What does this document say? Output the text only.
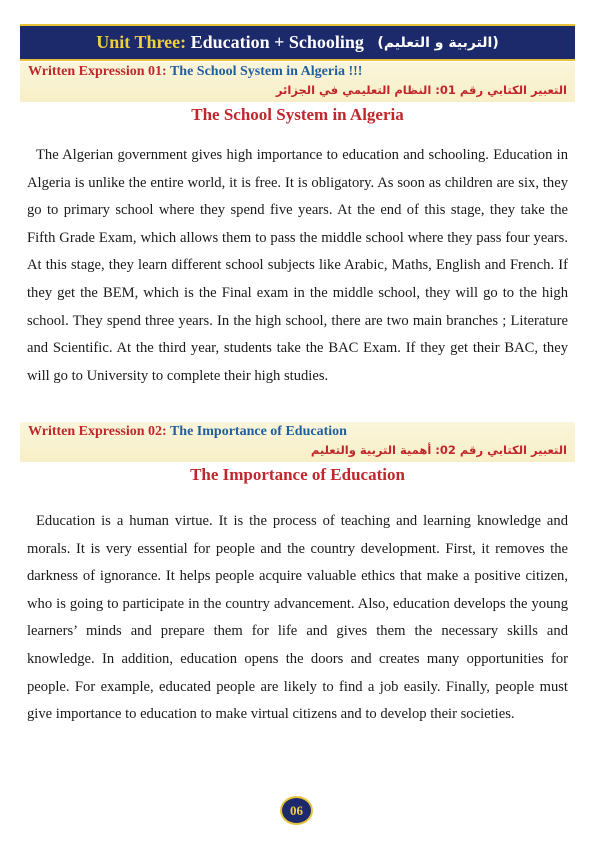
Unit Three:
Education + Schooling
(التربية و التعليم)
Written Expression 01: The School System in Algeria !!!
التعبير الكتابي رقم 01: النظام التعليمي في الجزائر
The School System in Algeria

The Algerian government gives high importance to education and schooling. Education in Algeria is unlike the entire world, it is free. It is obligatory. As soon as children are six, they go to primary school where they spend five years. At the end of this stage, they take the Fifth Grade Exam, which allows them to pass the middle school where they pass four years. At this stage, they learn different school subjects like Arabic, Maths, English and French. If they get the BEM, which is the Final exam in the middle school, they will go to the high school. They spend three years. In the high school, there are two main branches ; Literature and Scientific. At the third year, students take the BAC Exam. If they get their BAC, they will go to University to complete their high studies.

Written Expression 02: The Importance of Education
التعبير الكتابي رقم 02: أهمية التربية والتعليم
The Importance of Education

Education is a human virtue. It is the process of teaching and learning knowledge and morals. It is very essential for people and the country development. First, it removes the darkness of ignorance. It helps people acquire valuable ethics that make a positive citizen, who is going to participate in the country advancement. Also, education develops the young learners’ minds and prepare them for life and gives them the necessary skills and knowledge. In addition, education opens the doors and creates many opportunities for people. For example, educated people are likely to find a job easily. Finally, people must give importance to education to make virtual citizens and to develop their societies.

06
